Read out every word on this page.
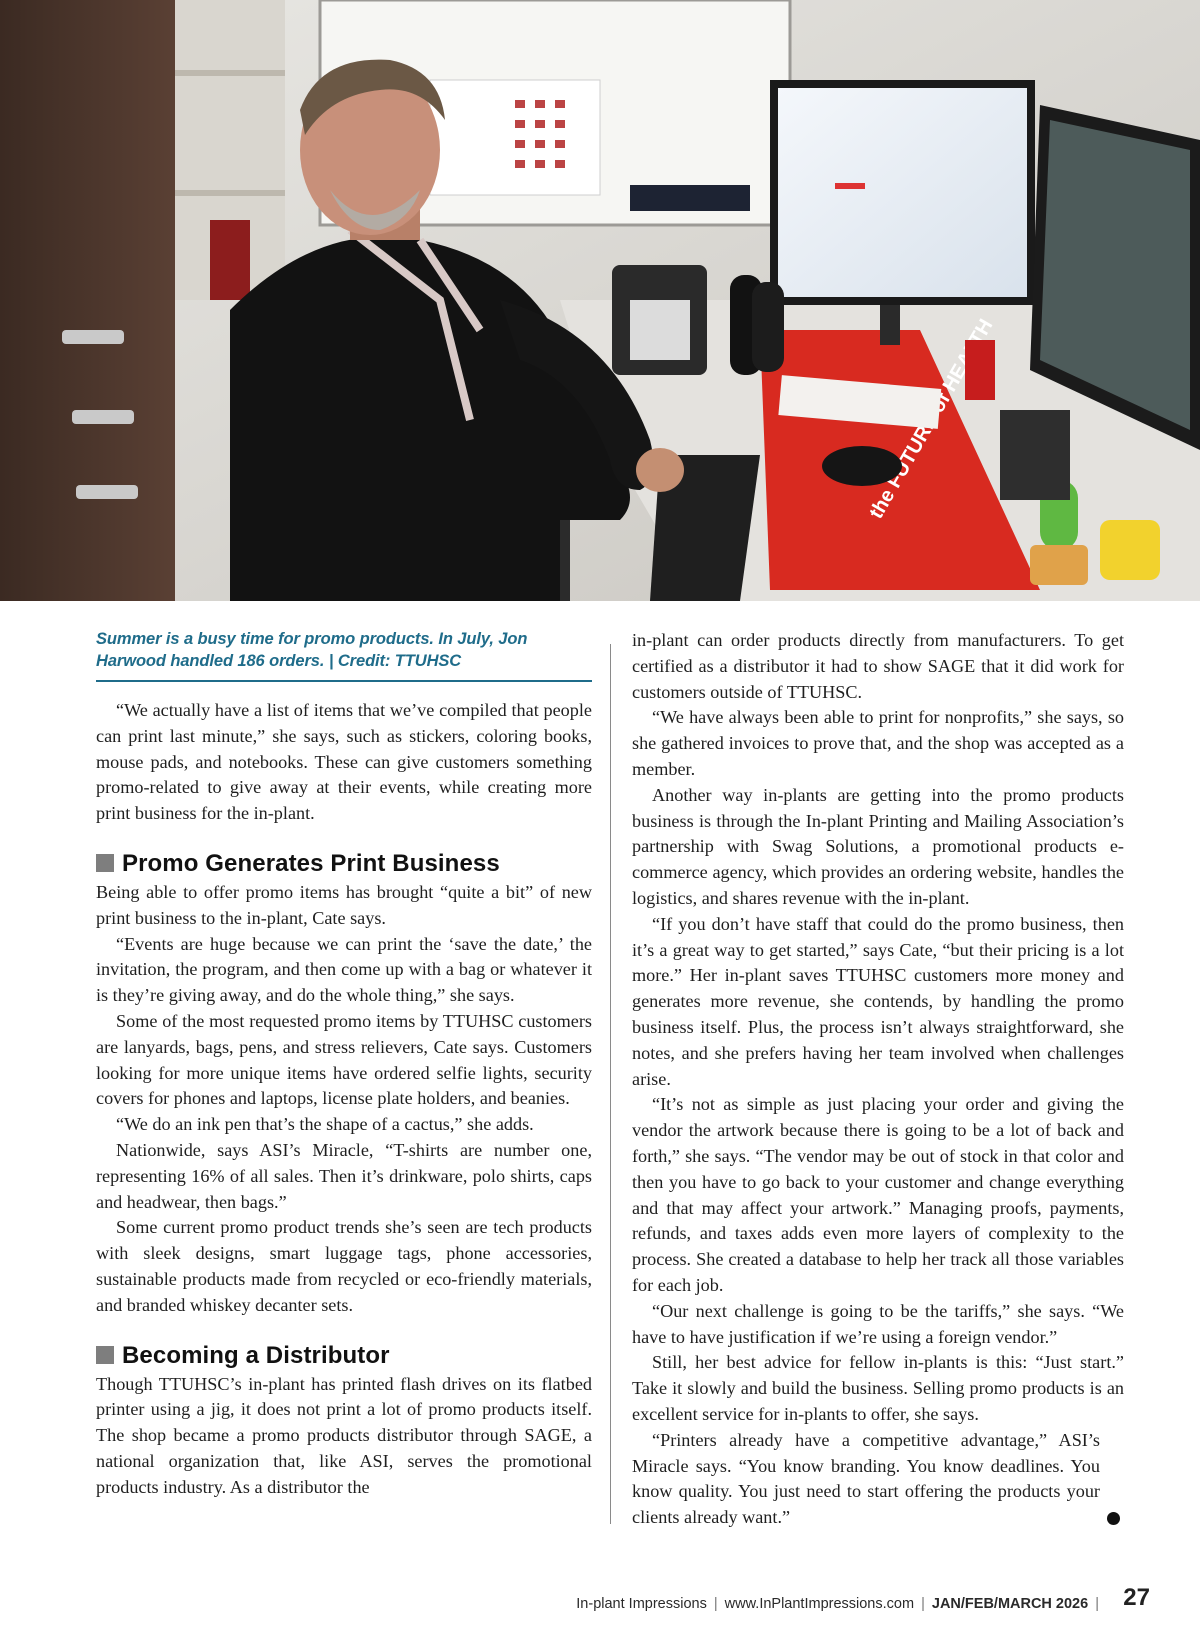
the FUTURE of
Summer is a busy time for promo products. In July, Jon Harwood handled 186 orders. | Credit: TTUHSC

“We actually have a list of items that we’ve compiled that people can print last minute,” she says, such as stickers, coloring books, mouse pads, and notebooks. These can give customers something promo-related to give away at their events, while creating more print business for the in-plant.

Promo Generates Print Business

Being able to offer promo items has brought “quite a bit” of new print business to the in-plant, Cate says.

“Events are huge because we can print the ‘save the date,’ the invitation, the program, and then come up with a bag or whatever it is they’re giving away, and do the whole thing,” she says.

Some of the most requested promo items by TTUHSC customers are lanyards, bags, pens, and stress relievers, Cate says. Customers looking for more unique items have ordered selfie lights, security covers for phones and laptops, license plate holders, and beanies.

“We do an ink pen that’s the shape of a cactus,” she adds.

Nationwide, says ASI’s Miracle, “T-shirts are number one, representing 16% of all sales. Then it’s drinkware, polo shirts, caps and headwear, then bags.”

Some current promo product trends she’s seen are tech products with sleek designs, smart luggage tags, phone accessories, sustainable products made from recycled or eco-friendly materials, and branded whiskey decanter sets.

Becoming a Distributor

Though TTUHSC’s in-plant has printed flash drives on its flatbed printer using a jig, it does not print a lot of promo products itself. The shop became a promo products distributor through SAGE, a national organization that, like ASI, serves the promotional products industry. As a distributor the

in-plant can order products directly from manufacturers. To get certified as a distributor it had to show SAGE that it did work for customers outside of TTUHSC.

“We have always been able to print for nonprofits,” she says, so she gathered invoices to prove that, and the shop was accepted as a member.

Another way in-plants are getting into the promo products business is through the In-plant Printing and Mailing Association’s partnership with Swag Solutions, a promotional products e-commerce agency, which provides an ordering website, handles the logistics, and shares revenue with the in-plant.

“If you don’t have staff that could do the promo business, then it’s a great way to get started,” says Cate, “but their pricing is a lot more.” Her in-plant saves TTUHSC customers more money and generates more revenue, she contends, by handling the promo business itself. Plus, the process isn’t always straightforward, she notes, and she prefers having her team involved when challenges arise.

“It’s not as simple as just placing your order and giving the vendor the artwork because there is going to be a lot of back and forth,” she says. “The vendor may be out of stock in that color and then you have to go back to your customer and change everything and that may affect your artwork.” Managing proofs, payments, refunds, and taxes adds even more layers of complexity to the process. She created a database to help her track all those variables for each job.

“Our next challenge is going to be the tariffs,” she says. “We have to have justification if we’re using a foreign vendor.”

Still, her best advice for fellow in-plants is this: “Just start.” Take it slowly and build the business. Selling promo products is an excellent service for in-plants to offer, she says.

“Printers already have a competitive advantage,” ASI’s Miracle says. “You know branding. You know deadlines. You know quality. You just need to start offering the products your clients already want.”

In-plant Impressions | www.InPlantImpressions.com | JAN/FEB/MARCH 2026 | 27
